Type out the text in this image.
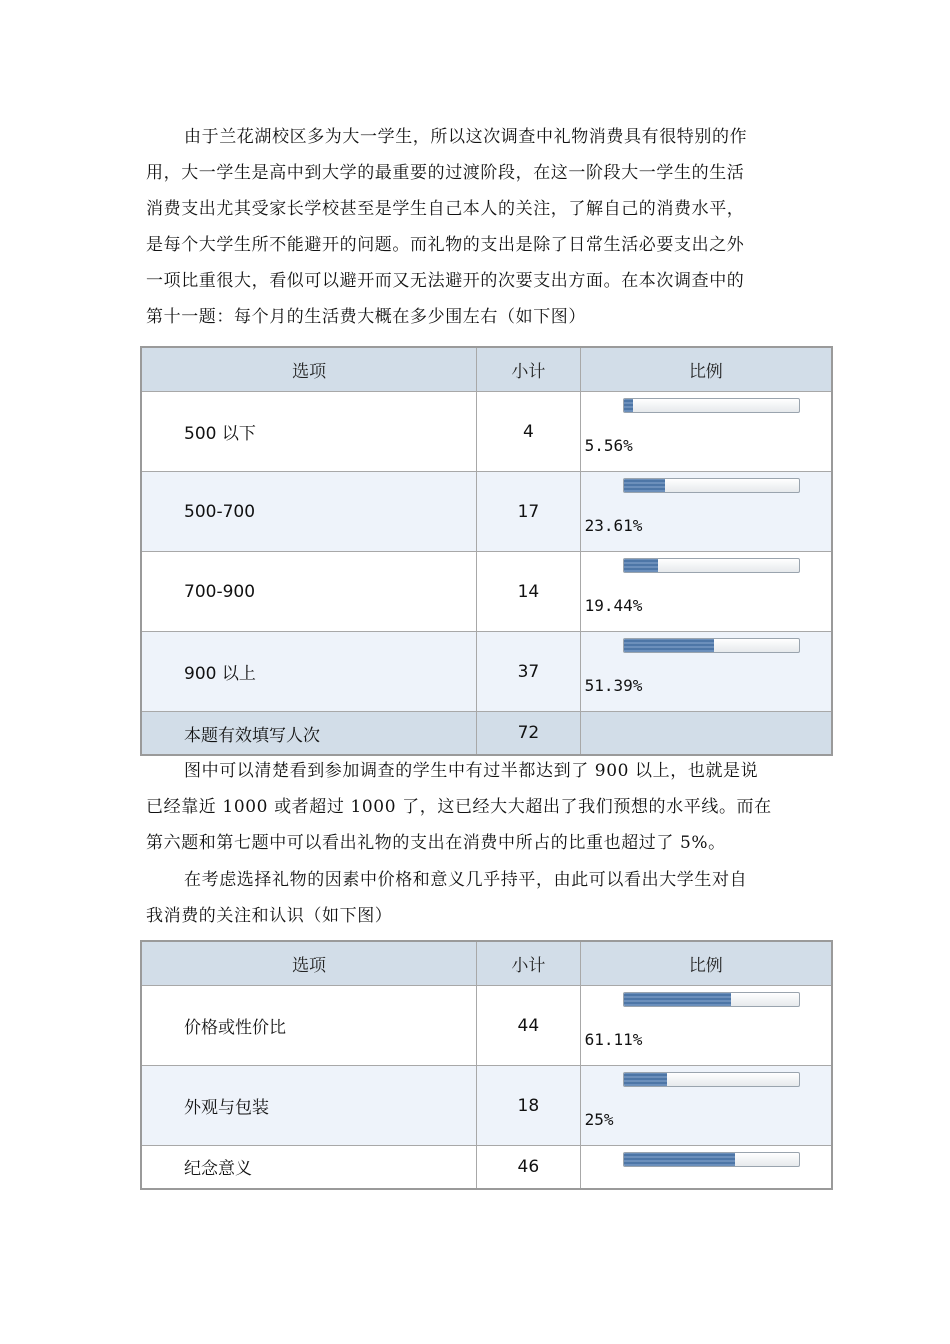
由于兰花湖校区多为大一学生，所以这次调查中礼物消费具有很特别的作
用，大一学生是高中到大学的最重要的过渡阶段，在这一阶段大一学生的生活
消费支出尤其受家长学校甚至是学生自己本人的关注，了解自己的消费水平，
是每个大学生所不能避开的问题。而礼物的支出是除了日常生活必要支出之外
一项比重很大，看似可以避开而又无法避开的次要支出方面。在本次调查中的
第十一题：每个月的生活费大概在多少围左右（如下图）
选项	小计	比例
500 以下	4	5.56%

500-700	17	23.61%

700-900	14	19.44%

900 以上	37	51.39%

本题有效填写人次	72	
图中可以清楚看到参加调查的学生中有过半都达到了 900 以上，也就是说
已经靠近 1000 或者超过 1000 了，这已经大大超出了我们预想的水平线。而在
第六题和第七题中可以看出礼物的支出在消费中所占的比重也超过了 5%。
在考虑选择礼物的因素中价格和意义几乎持平，由此可以看出大学生对自
我消费的关注和认识（如下图）
选项	小计	比例
价格或性价比	44	61.11%

外观与包装	18	25%

纪念意义	46	
